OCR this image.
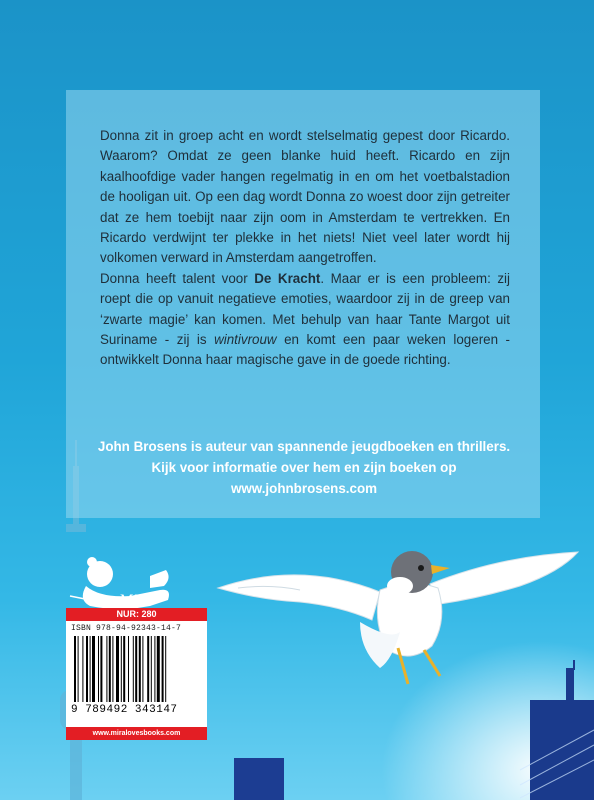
Donna zit in groep acht en wordt stelselmatig gepest door Ricardo. Waarom? Omdat ze geen blanke huid heeft. Ricardo en zijn kaalhoofdige vader hangen regelmatig in en om het voetbalstadion de hooligan uit. Op een dag wordt Donna zo woest door zijn getreiter dat ze hem toebijt naar zijn oom in Amsterdam te vertrekken. En Ricardo verdwijnt ter plekke in het niets! Niet veel later wordt hij volkomen verward in Amsterdam aangetroffen.

Donna heeft talent voor De Kracht. Maar er is een probleem: zij roept die op vanuit negatieve emoties, waardoor zij in de greep van ‘zwarte magie’ kan komen. Met behulp van haar Tante Margot uit Suriname - zij is wintivrouw en komt een paar weken logeren - ontwikkelt Donna haar magische gave in de goede richting.

John Brosens is auteur van spannende jeugdboeken en thrillers. Kijk voor informatie over hem en zijn boeken op www.johnbrosens.com
MLB
NUR: 280
ISBN 978-94-92343-14-7
9 789492 343147
www.miralovesbooks.com
